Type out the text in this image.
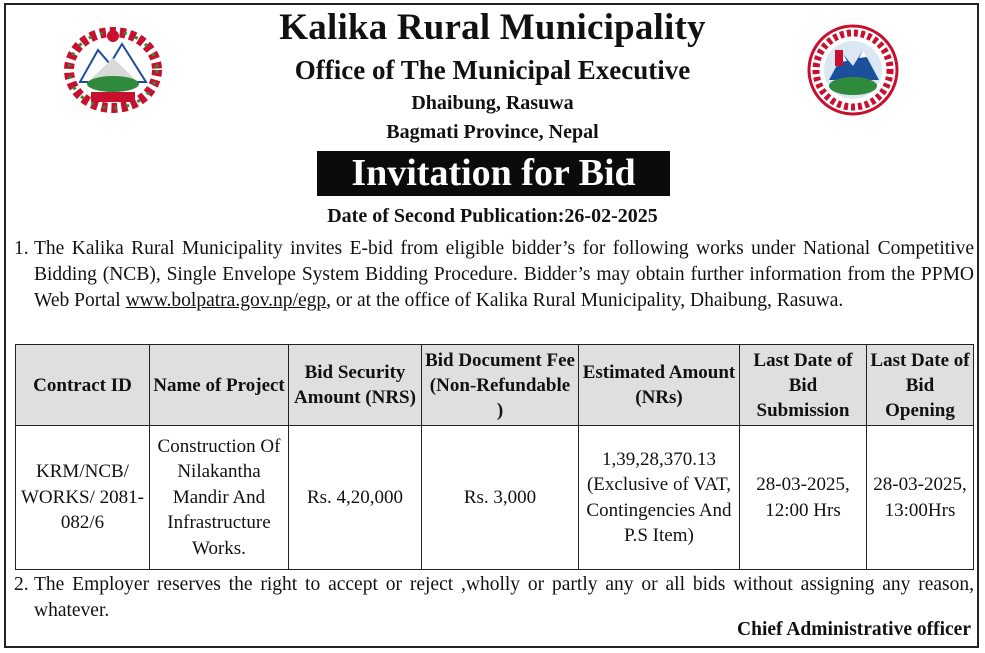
Kalika Rural Municipality
Office of The Municipal Executive
Dhaibung, Rasuwa
Bagmati Province, Nepal
Invitation for Bid
Date of Second Publication:26-02-2025
1. The Kalika Rural Municipality invites E-bid from eligible bidder’s for following works under National Competitive Bidding (NCB), Single Envelope System Bidding Procedure. Bidder’s may obtain further information from the PPMO Web Portal www.bolpatra.gov.np/egp, or at the office of Kalika Rural Municipality, Dhaibung, Rasuwa.
Contract ID	Name of Project	Bid Security Amount (NRS)	Bid Document Fee (Non-Refundable )	Estimated Amount (NRs)	Last Date of Bid Submission	Last Date of Bid Opening
KRM/NCB/ WORKS/ 2081-082/6	Construction Of Nilakantha Mandir And Infrastructure Works.	Rs. 4,20,000	Rs. 3,000	1,39,28,370.13 (Exclusive of VAT, Contingencies And P.S Item)	28-03-2025, 12:00 Hrs	28-03-2025, 13:00Hrs
2. The Employer reserves the right to accept or reject ,wholly or partly any or all bids without assigning any reason, whatever.
Chief Administrative officer
